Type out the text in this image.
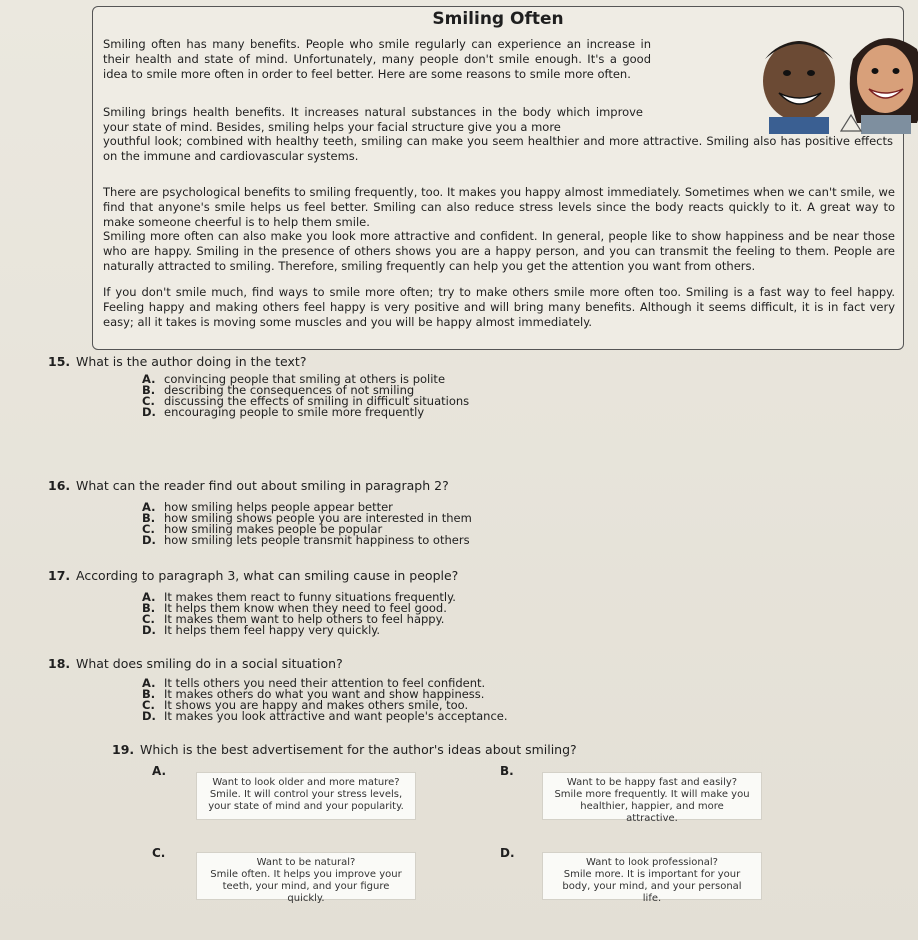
Smiling Often

Smiling often has many benefits. People who smile regularly can experience an increase in their health and state of mind. Unfortunately, many people don't smile enough. It's a good idea to smile more often in order to feel better. Here are some reasons to smile more often.

Smiling brings health benefits. It increases natural substances in the body which improve your state of mind. Besides, smiling helps your facial structure give you a more

youthful look; combined with healthy teeth, smiling can make you seem healthier and more attractive. Smiling also has positive effects on the immune and cardiovascular systems.

There are psychological benefits to smiling frequently, too. It makes you happy almost immediately. Sometimes when we can't smile, we find that anyone's smile helps us feel better. Smiling can also reduce stress levels since the body reacts quickly to it. A great way to make someone cheerful is to help them smile.

Smiling more often can also make you look more attractive and confident. In general, people like to show happiness and be near those who are happy. Smiling in the presence of others shows you are a happy person, and you can transmit the feeling to them. People are naturally attracted to smiling. Therefore, smiling frequently can help you get the attention you want from others.

If you don't smile much, find ways to smile more often; try to make others smile more often too. Smiling is a fast way to feel happy. Feeling happy and making others feel happy is very positive and will bring many benefits. Although it seems difficult, it is in fact very easy; all it takes is moving some muscles and you will be happy almost immediately.

15. What is the author doing in the text?
A. convincing people that smiling at others is polite
B. describing the consequences of not smiling
C. discussing the effects of smiling in difficult situations
D. encouraging people to smile more frequently
16. What can the reader find out about smiling in paragraph 2?
A. how smiling helps people appear better
B. how smiling shows people you are interested in them
C. how smiling makes people be popular
D. how smiling lets people transmit happiness to others
17. According to paragraph 3, what can smiling cause in people?
A. It makes them react to funny situations frequently.
B. It helps them know when they need to feel good.
C. It makes them want to help others to feel happy.
D. It helps them feel happy very quickly.
18. What does smiling do in a social situation?
A. It tells others you need their attention to feel confident.
B. It makes others do what you want and show happiness.
C. It shows you are happy and makes others smile, too.
D. It makes you look attractive and want people's acceptance.
19. Which is the best advertisement for the author's ideas about smiling?
A.
Want to look older and more mature?
Smile. It will control your stress levels, your state of mind and your popularity.
B.
Want to be happy fast and easily?
Smile more frequently. It will make you healthier, happier, and more attractive.
C.
Want to be natural?
Smile often. It helps you improve your teeth, your mind, and your figure quickly.
D.
Want to look professional?
Smile more. It is important for your body, your mind, and your personal life.
